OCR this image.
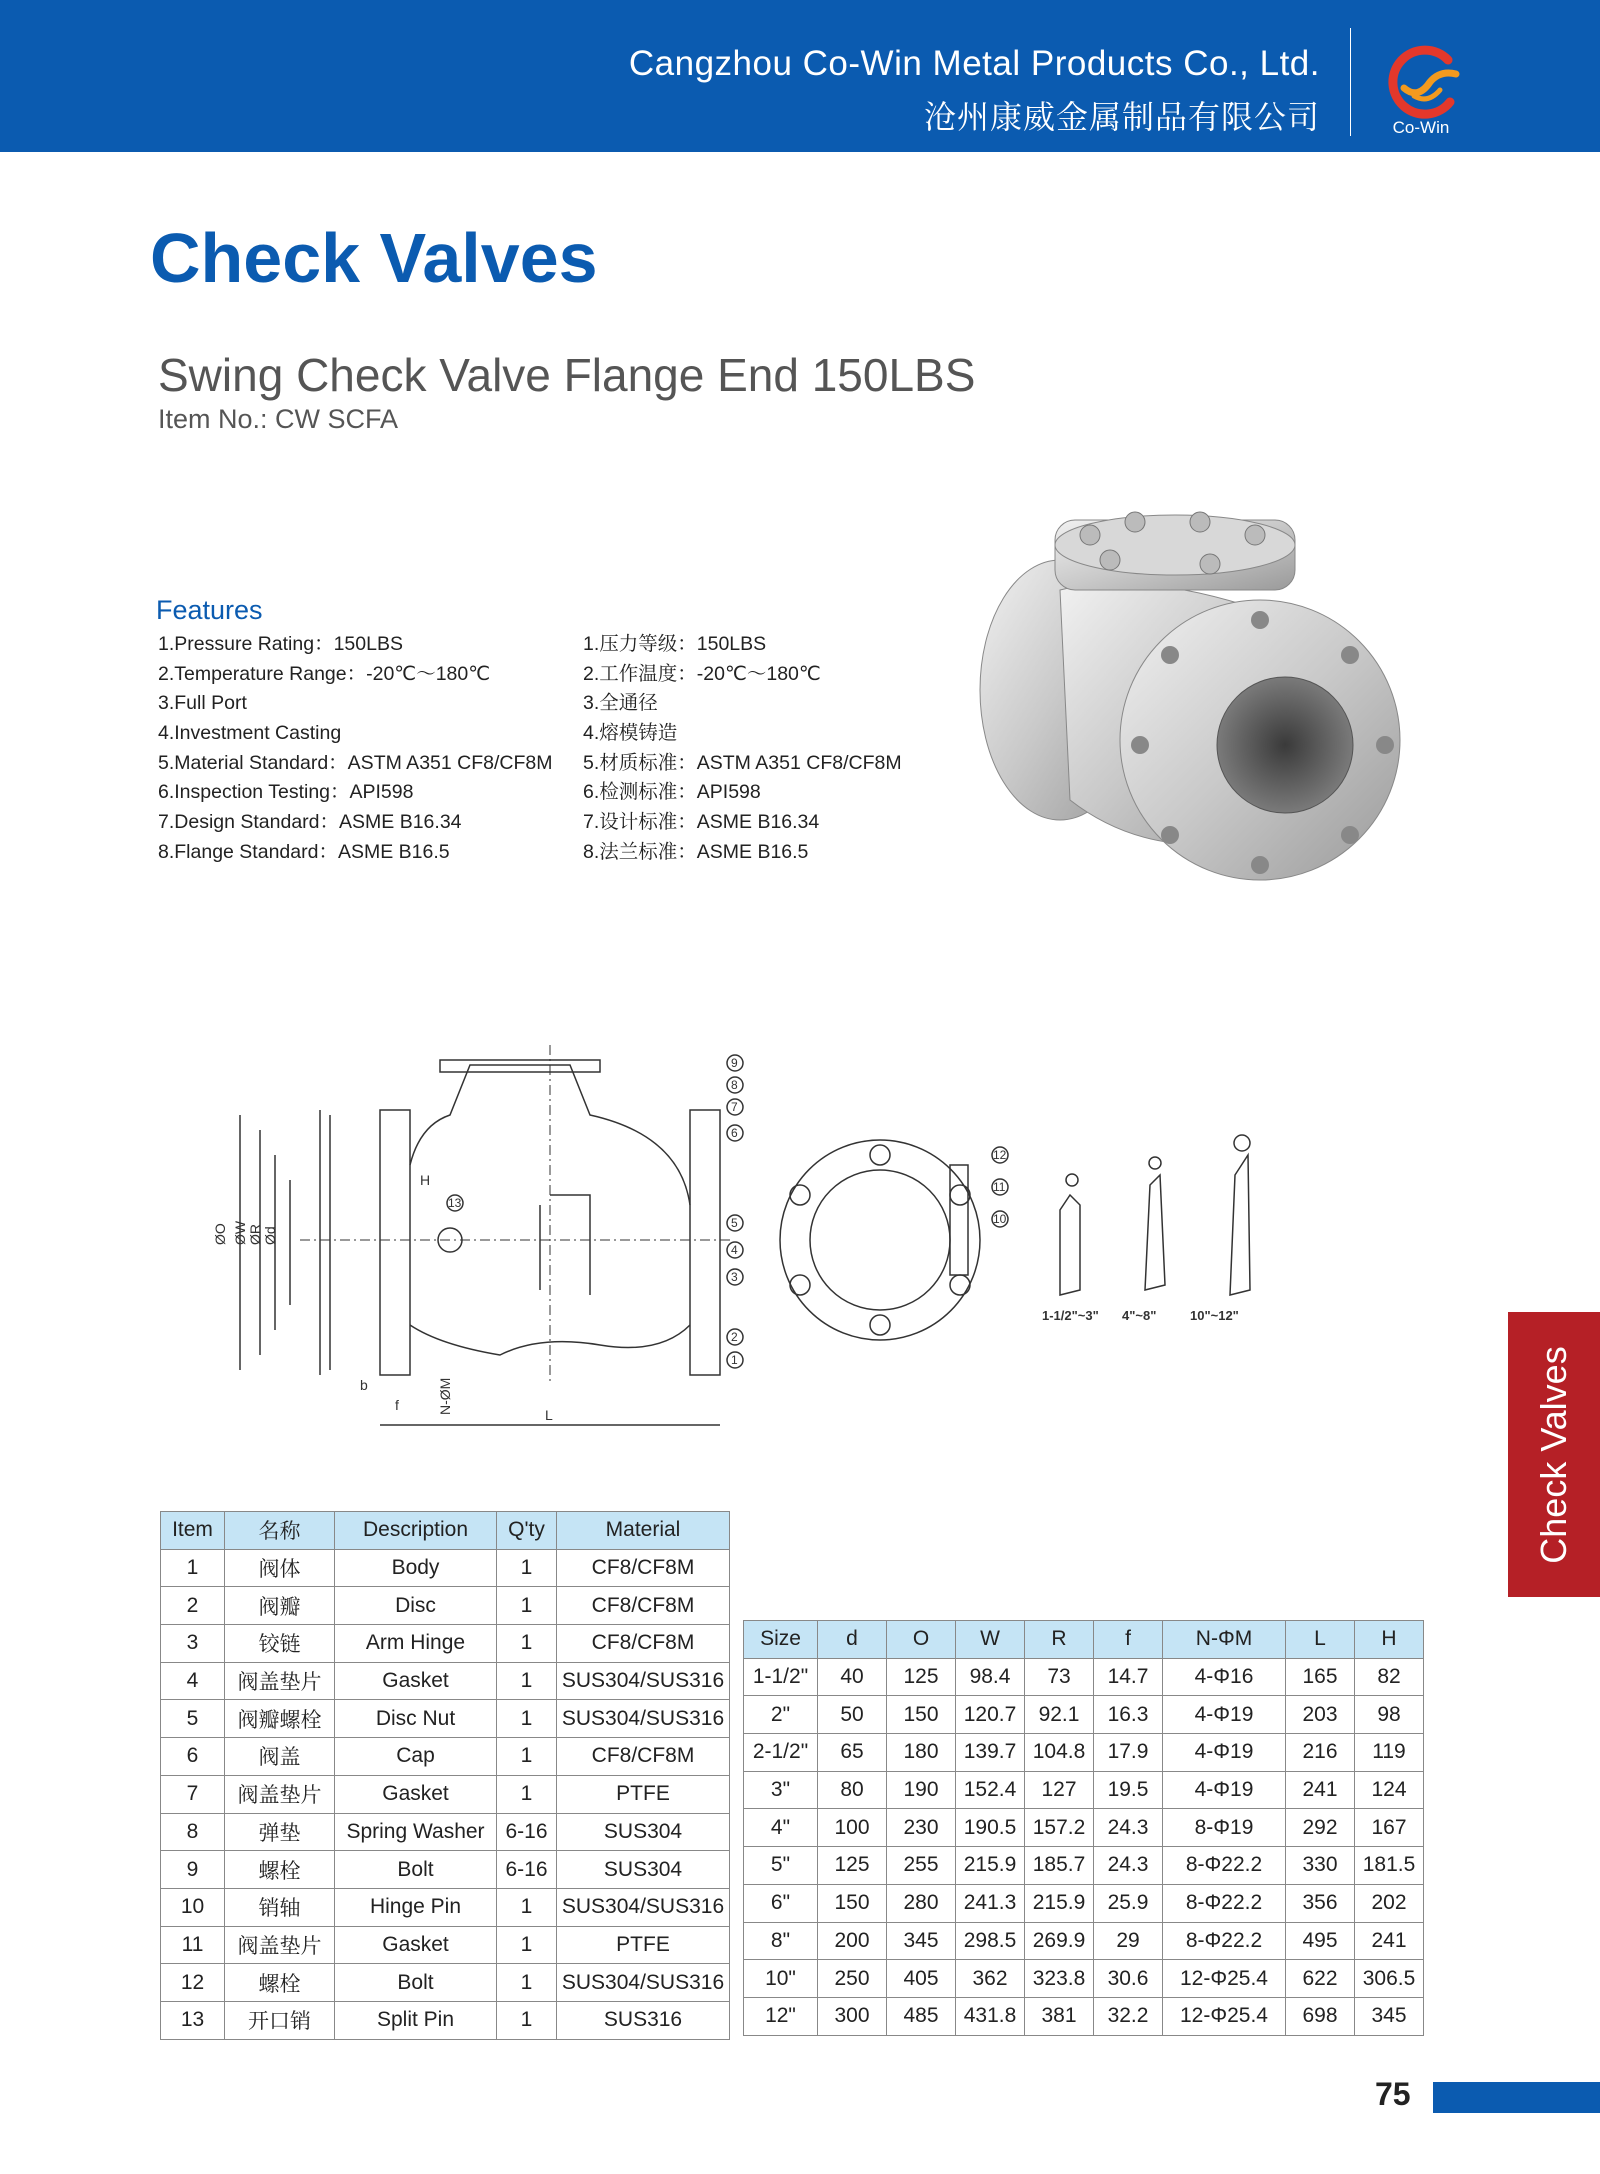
Cangzhou Co-Win Metal Products Co., Ltd.
沧州康威金属制品有限公司	Co-Win
Check Valves
Swing Check Valve Flange End 150LBS
Item No.: CW SCFA
Features
1.Pressure Rating：150LBS
2.Temperature Range：-20℃～180℃
3.Full Port
4.Investment Casting
5.Material Standard：ASTM A351 CF8/CF8M
6.Inspection Testing：API598
7.Design Standard：ASME B16.34
8.Flange Standard：ASME B16.5
1.压力等级：150LBS
2.工作温度：-20℃～180℃
3.全通径
4.熔模铸造
5.材质标准：ASTM A351 CF8/CF8M
6.检测标准：API598
7.设计标准：ASME B16.34
8.法兰标准：ASME B16.5
ØO ØW ØR Ød
H
b
f	N-ØM	L
9
8
7
6
5
4
3
2
1
13
12
11
10
1-1/2"~3" 4"~8"	10"~12"
Check Valves
Item	名称	Description	Q'ty	Material
1	阀体	Body	1	CF8/CF8M
2	阀瓣	Disc	1	CF8/CF8M
3	铰链	Arm Hinge	1	CF8/CF8M
4	阀盖垫片	Gasket	1	SUS304/SUS316
5	阀瓣螺栓	Disc Nut	1	SUS304/SUS316
6	阀盖	Cap	1	CF8/CF8M
7	阀盖垫片	Gasket	1	PTFE
8	弹垫	Spring Washer	6-16	SUS304
9	螺栓	Bolt	6-16	SUS304
10	销轴	Hinge Pin	1	SUS304/SUS316
11	阀盖垫片	Gasket	1	PTFE
12	螺栓	Bolt	1	SUS304/SUS316
13	开口销	Split Pin	1	SUS316
Size	d	O	W	R	f	N-ΦM	L	H
1-1/2"	40	125	98.4	73	14.7	4-Φ16	165	82
2"	50	150	120.7	92.1	16.3	4-Φ19	203	98
2-1/2"	65	180	139.7	104.8	17.9	4-Φ19	216	119
3"	80	190	152.4	127	19.5	4-Φ19	241	124
4"	100	230	190.5	157.2	24.3	8-Φ19	292	167
5"	125	255	215.9	185.7	24.3	8-Φ22.2	330	181.5
6"	150	280	241.3	215.9	25.9	8-Φ22.2	356	202
8"	200	345	298.5	269.9	29	8-Φ22.2	495	241
10"	250	405	362	323.8	30.6	12-Φ25.4	622	306.5
12"	300	485	431.8	381	32.2	12-Φ25.4	698	345
75
